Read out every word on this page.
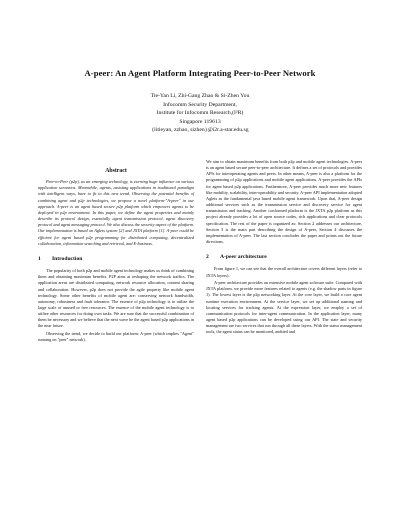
A-peer: An Agent Platform Integrating Peer-to-Peer Network
Tie-Yan Li, Zhi-Gang Zhao & Si-Zhen You
Infocomm Security Department,
Institute for Infocomm Research,(I²R)
Singapore 119613
{litieyan, zzhao, sizhen}@i2r.a-star.edu.sg
Abstract

Peer-to-Peer (p2p), as an emerging technology, is exerting huge influence on various application scenarios. Meanwhile, agents, assisting applications in traditional paradigm with intelligent ways, have to fit in this new trend. Observing the potential benefits of combining agent and p2p technologies, we propose a novel platform-"A-peer" in our approach. A-peer is an agent based secure p2p platform which empowers agents to be deployed in p2p environment. In this paper, we define the agent properties and mainly describe its protocol design, essentially agent transmission protocol, agent discovery protocol and agent messaging protocol. We also discuss the security aspect of the platform. Our implementation is based on Aglets system [2] and JXTA platform [1]. A-peer could be efficient for agent based p2p programming for distributed computing, decentralized collaboration, information searching and retrieval, and E-business.

1 Introduction

The popularity of both p2p and mobile agent technology makes us think of combining them and obtaining maximum benefits. P2P aims at reshaping the network traffics. The application areas are distributed computing, network resource allocation, content sharing and collaboration. However, p2p does not provide the agile property like mobile agent technology. Some other benefits of mobile agent are: conserving network bandwidth, autonomy, robustness and fault tolerance. The essence of p2p technology is to utilize the large scale of unused or free resources. The essence of the mobile agent technology is to utilize other resources for doing own tasks. We are sure that the successful combination of them be necessary and we believe that the next wave be the agent based p2p applications in the near future.

Observing the trend, we decide to build our platform: A-peer (which implies "Agent" running on "peer" network).

We aim to obtain maximum benefits from both p2p and mobile agent technologies. A-peer is an agent based secure peer-to-peer architecture. It defines a set of protocols and provides APIs for interoperating agents and peers. In other means, A-peer is also a platform for the programming of p2p applications and mobile agent applications. A-peer provides the APIs for agent based p2p applications. Furthermore, A-peer provides much more new features like mobility, scalability, inter-operability and security. A-peer API implementation adopted Aglets as the fundamental java based mobile agent framework. Upon that, A-peer design additional services such as the transmission service and discovery service for agent transmission and tracking. Another conformed platform is the JXTA p2p platform as this project already provides a lot of open source codes, rich applications and clear protocols specification. The rest of the paper is organized as: Section 2 addresses our architecture, Section 3 is the main part describing the design of A-peer, Section 4 discusses the implementation of A-peer. The last section concludes the paper and points out the future directions.

2 A-peer architecture

From figure 1, we can see that the overall architecture covers different layers (refer to JXTA layers).

A-peer architecture provides an extensive mobile agent software suite. Compared with JXTA platform, we provide more features related to agents (e.g. the shadow parts in figure 1). The lowest layer is the p2p networking layer. At the core layer, we build a core agent runtime execution environment. At the service layer, we set up additional naming and locating services for tracking agents. At the expression layer, we employ a set of communication protocols for inter-agent communication. In the application layer, many agent based p2p applications can be developed using our API. The state and security management are two services that run through all these layers. With the status management tools, the agent status can be monitored, audited and
